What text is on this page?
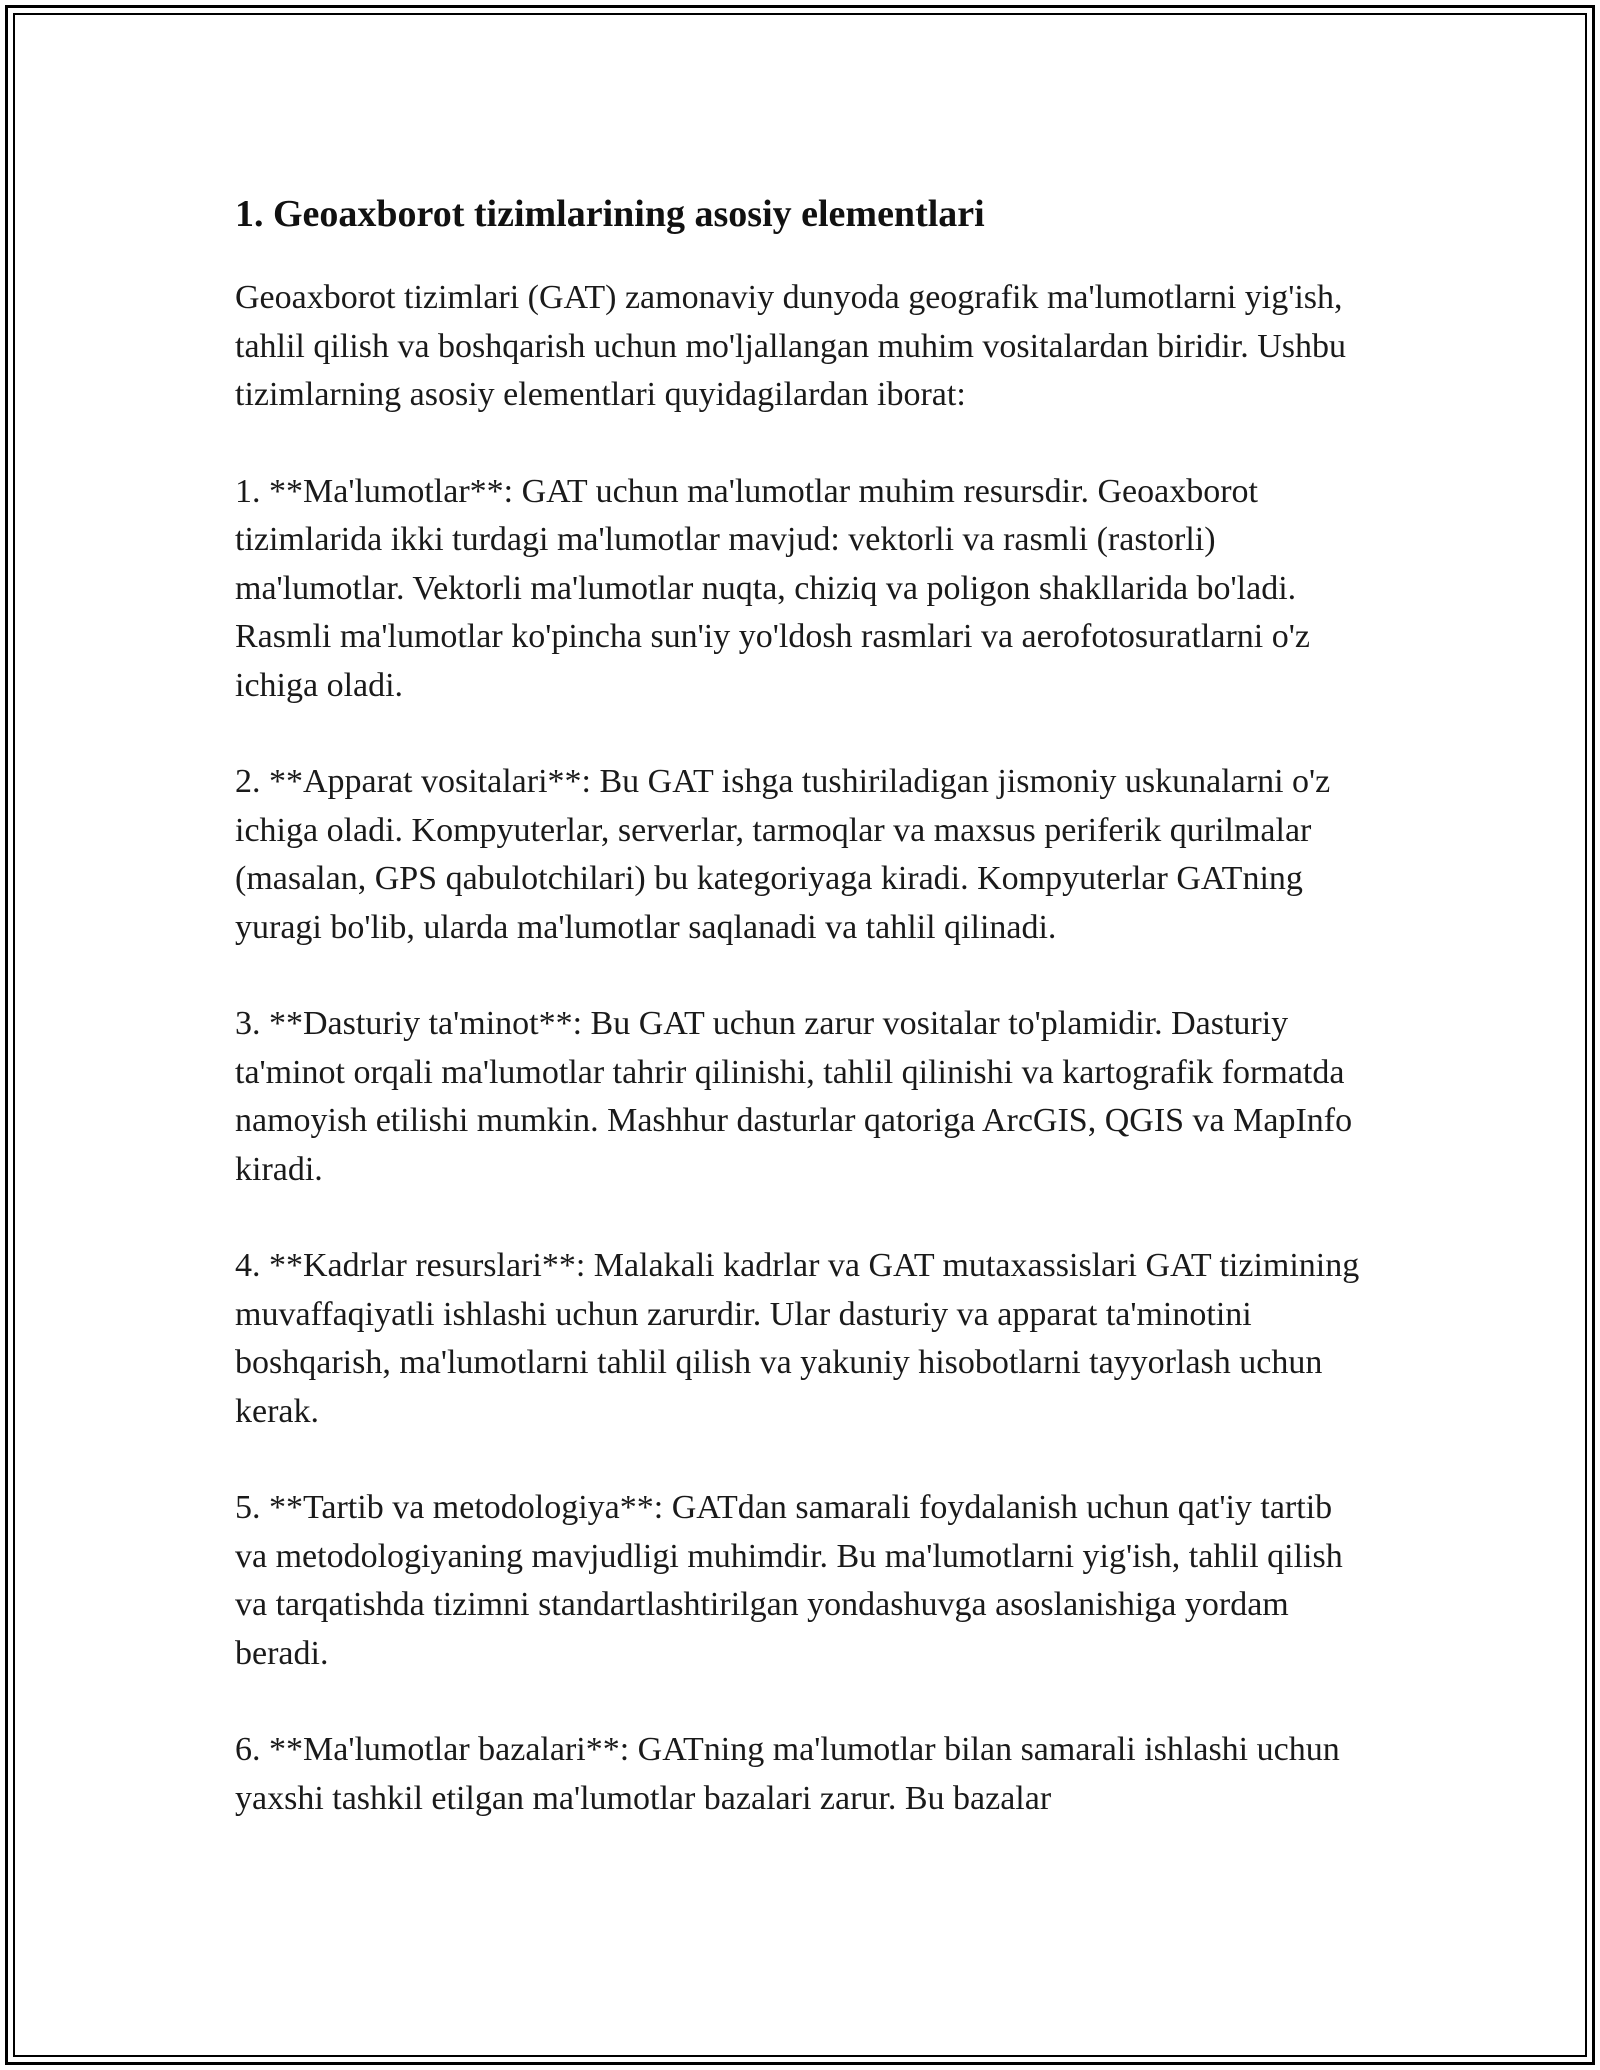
1. Geoaxborot tizimlarining asosiy elementlari

Geoaxborot tizimlari (GAT) zamonaviy dunyoda geografik ma'lumotlarni yig'ish, tahlil qilish va boshqarish uchun mo'ljallangan muhim vositalardan biridir. Ushbu tizimlarning asosiy elementlari quyidagilardan iborat:

1. **Ma'lumotlar**: GAT uchun ma'lumotlar muhim resursdir. Geoaxborot tizimlarida ikki turdagi ma'lumotlar mavjud: vektorli va rasmli (rastorli) ma'lumotlar. Vektorli ma'lumotlar nuqta, chiziq va poligon shakllarida bo'ladi. Rasmli ma'lumotlar ko'pincha sun'iy yo'ldosh rasmlari va aerofotosuratlarni o'z ichiga oladi.

2. **Apparat vositalari**: Bu GAT ishga tushiriladigan jismoniy uskunalarni o'z ichiga oladi. Kompyuterlar, serverlar, tarmoqlar va maxsus periferik qurilmalar (masalan, GPS qabulotchilari) bu kategoriyaga kiradi. Kompyuterlar GATning yuragi bo'lib, ularda ma'lumotlar saqlanadi va tahlil qilinadi.

3. **Dasturiy ta'minot**: Bu GAT uchun zarur vositalar to'plamidir. Dasturiy ta'minot orqali ma'lumotlar tahrir qilinishi, tahlil qilinishi va kartografik formatda namoyish etilishi mumkin. Mashhur dasturlar qatoriga ArcGIS, QGIS va MapInfo kiradi.

4. **Kadrlar resurslari**: Malakali kadrlar va GAT mutaxassislari GAT tizimining muvaffaqiyatli ishlashi uchun zarurdir. Ular dasturiy va apparat ta'minotini boshqarish, ma'lumotlarni tahlil qilish va yakuniy hisobotlarni tayyorlash uchun kerak.

5. **Tartib va metodologiya**: GATdan samarali foydalanish uchun qat'iy tartib va metodologiyaning mavjudligi muhimdir. Bu ma'lumotlarni yig'ish, tahlil qilish va tarqatishda tizimni standartlashtirilgan yondashuvga asoslanishiga yordam beradi.

6. **Ma'lumotlar bazalari**: GATning ma'lumotlar bilan samarali ishlashi uchun yaxshi tashkil etilgan ma'lumotlar bazalari zarur. Bu bazalar
